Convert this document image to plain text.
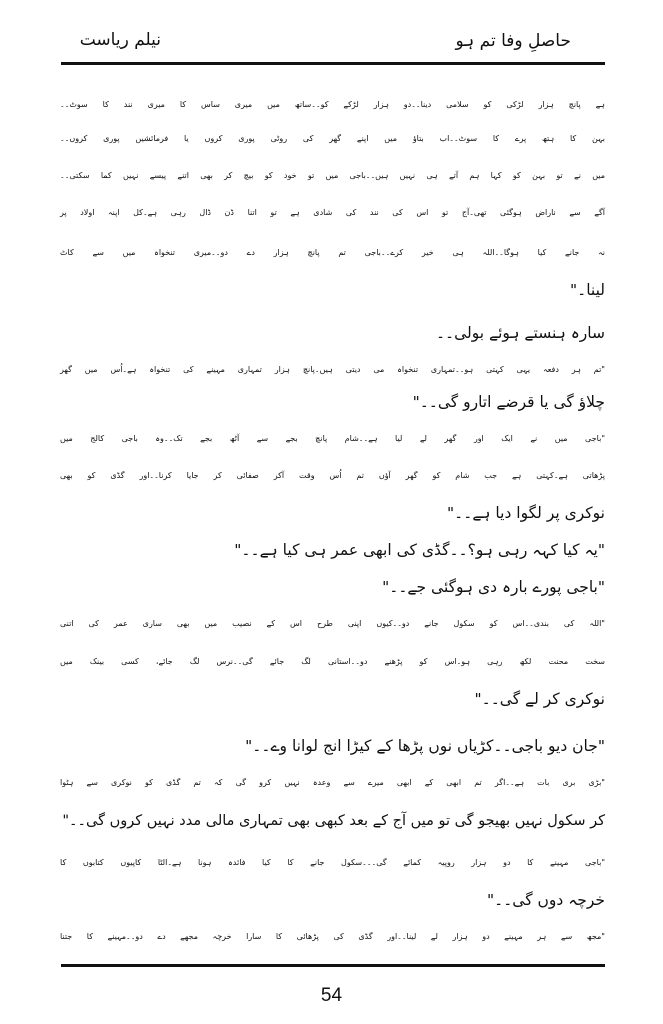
حاصلِ وفا تم ہو
نیلم ریاست
ہے پانچ ہزار لڑکی کو سلامی دینا۔۔دو ہزار لڑکے کو۔۔ساتھ میں میری ساس کا میری نند کا سوٹ۔۔
بہن کا ہتھ پرے کا سوٹ۔۔اب بتاؤ میں اپنے گھر کی روٹی پوری کروں یا فرمائشیں پوری کروں۔۔
میں نے تو بہن کو کہا ہم آتے ہی نہیں ہیں۔۔باجی میں تو خود کو بیچ کر بھی اتنے پیسے نہیں کما سکتی۔۔
آگے سے ناراض ہوگئی تھی۔آج تو اس کی نند کی شادی ہے تو اتنا ڈن ڈال رہی ہے۔کل اپنہ اولاد پر
نہ جانے کیا ہوگا۔۔اللہ ہی خیر کرے۔۔باجی تم پانچ ہزار دے دو۔۔میری تنخواہ میں سے کاٹ
لینا۔"
سارہ ہنستے ہوئے بولی۔۔
"تم ہر دفعہ یہی کہتی ہو۔۔تمہاری تنخواہ می دیتی ہیں۔پانچ ہزار تمہاری مہینے کی تنخواہ ہے۔اُس میں گھر
چلاؤ گی یا قرضے اتارو گی۔۔"
"باجی میں نے ایک اور گھر لے لیا ہے۔۔شام پانچ بجے سے آٹھ بجے تک۔۔وہ باجی کالج میں
پڑھاتی ہے۔کہتی ہے جب شام کو گھر آؤں تم اُس وقت آکر صفائی کر جایا کرنا۔۔اور گڈی کو بھی
نوکری پر لگوا دیا ہے۔۔"
"یہ کیا کہہ رہی ہو؟۔۔گڈی کی ابھی عمر ہی کیا ہے۔۔"
"باجی پورے بارہ دی ہوگئی جے۔۔"
"اللہ کی بندی۔۔اس کو سکول جانے دو۔۔کیوں اپنی طرح اس کے نصیب میں بھی ساری عمر کی اتنی
سخت محنت لکھ رہی ہو۔اس کو پڑھنے دو۔۔استانی لگ جائے گی۔۔نرس لگ جائے، کسی بینک میں
نوکری کر لے گی۔۔"
"جان دیو باجی۔۔کڑیاں نوں پڑھا کے کیڑا انج لوانا وے۔۔"
"بڑی بری بات ہے۔۔اگر تم ابھی کے ابھی میرے سے وعدہ نہیں کرو گی کہ تم گڈی کو نوکری سے ہٹوا
کر سکول نہیں بھیجو گی تو میں آج کے بعد کبھی بھی تمہاری مالی مدد نہیں کروں گی۔۔"
"باجی مہینے کا دو ہزار روپیہ کمائے گی۔۔۔سکول جانے کا کیا فائدہ ہونا ہے۔الٹا کاپیوں کتابوں کا
خرچہ دوں گی۔۔"
"مجھ سے ہر مہینے دو ہزار لے لینا۔۔اور گڈی کی پڑھائی کا سارا خرچہ مجھے دے دو۔۔مہینے کا جتنا
54
